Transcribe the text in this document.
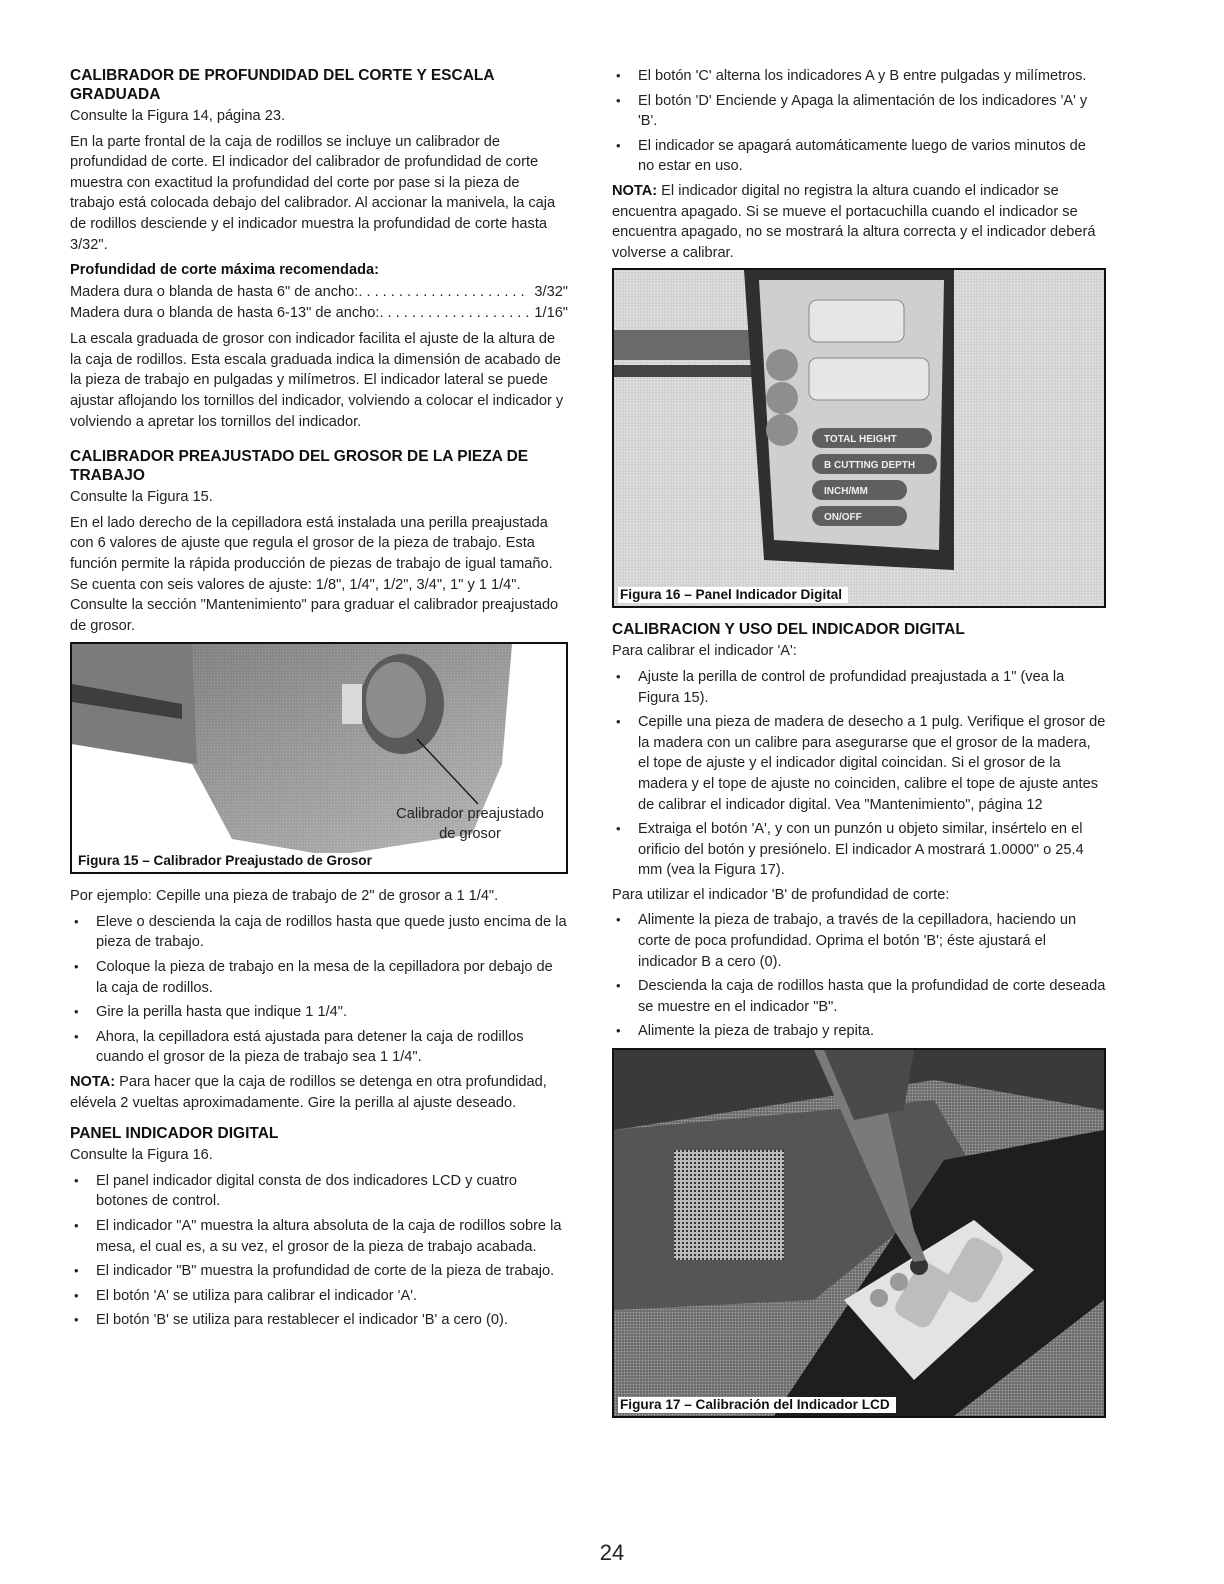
CALIBRADOR DE PROFUNDIDAD DEL CORTE Y ESCALA GRADUADA

Consulte la Figura 14, página 23.

En la parte frontal de la caja de rodillos se incluye un calibrador de profundidad de corte. El indicador del calibrador de profundidad de corte muestra con exactitud la profundidad del corte por pase si la pieza de trabajo está colocada debajo del calibrador. Al accionar la manivela, la caja de rodillos desciende y el indicador muestra la profundidad de corte hasta 3/32".

Profundidad de corte máxima recomendada:
Madera dura o blanda de hasta 6" de ancho: . . .	3/32"
Madera dura o blanda de hasta 6-13" de ancho: . . .	1/16"

La escala graduada de grosor con indicador facilita el ajuste de la altura de la caja de rodillos. Esta escala graduada indica la dimensión de acabado de la pieza de trabajo en pulgadas y milímetros. El indicador lateral se puede ajustar aflojando los tornillos del indicador, volviendo a colocar el indicador y volviendo a apretar los tornillos del indicador.

CALIBRADOR PREAJUSTADO DEL GROSOR DE LA PIEZA DE TRABAJO

Consulte la Figura 15.

En el lado derecho de la cepilladora está instalada una perilla preajustada con 6 valores de ajuste que regula el grosor de la pieza de trabajo. Esta función permite la rápida producción de piezas de trabajo de igual tamaño. Se cuenta con seis valores de ajuste: 1/8", 1/4", 1/2", 3/4", 1" y 1 1/4". Consulte la sección "Mantenimiento" para graduar el calibrador preajustado de grosor.

Calibrador preajustado
de grosor
Figura 15 – Calibrador Preajustado de Grosor

Por ejemplo: Cepille una pieza de trabajo de 2" de grosor a 1 1/4".

• Eleve o descienda la caja de rodillos hasta que quede justo encima de la pieza de trabajo.
• Coloque la pieza de trabajo en la mesa de la cepilladora por debajo de la caja de rodillos.
• Gire la perilla hasta que indique 1 1/4".
• Ahora, la cepilladora está ajustada para detener la caja de rodillos cuando el grosor de la pieza de trabajo sea 1 1/4".

NOTA: Para hacer que la caja de rodillos se detenga en otra profundidad, elévela 2 vueltas aproximadamente. Gire la perilla al ajuste deseado.

PANEL INDICADOR DIGITAL

Consulte la Figura 16.

• El panel indicador digital consta de dos indicadores LCD y cuatro botones de control.
• El indicador "A" muestra la altura absoluta de la caja de rodillos sobre la mesa, el cual es, a su vez, el grosor de la pieza de trabajo acabada.
• El indicador "B" muestra la profundidad de corte de la pieza de trabajo.
• El botón 'A' se utiliza para calibrar el indicador 'A'.
• El botón 'B' se utiliza para restablecer el indicador 'B' a cero (0).
• El botón 'C' alterna los indicadores A y B entre pulgadas y milímetros.
• El botón 'D' Enciende y Apaga la alimentación de los indicadores 'A' y 'B'.
• El indicador se apagará automáticamente luego de varios minutos de no estar en uso.

NOTA: El indicador digital no registra la altura cuando el indicador se encuentra apagado. Si se mueve el portacuchilla cuando el indicador se encuentra apagado, no se mostrará la altura correcta y el indicador deberá volverse a calibrar.

TOTAL HEIGHT
B CUTTING DEPTH
INCH/MM
ON/OFF
Figura 16 – Panel Indicador Digital
CALIBRACION Y USO DEL INDICADOR DIGITAL

Para calibrar el indicador 'A':

• Ajuste la perilla de control de profundidad preajustada a 1" (vea la Figura 15).
• Cepille una pieza de madera de desecho a 1 pulg. Verifique el grosor de la madera con un calibre para asegurarse que el grosor de la madera, el tope de ajuste y el indicador digital coincidan. Si el grosor de la madera y el tope de ajuste no coinciden, calibre el tope de ajuste antes de calibrar el indicador digital. Vea "Mantenimiento", página 12
• Extraiga el botón 'A', y con un punzón u objeto similar, insértelo en el orificio del botón y presiónelo. El indicador A mostrará 1.0000" o 25.4 mm (vea la Figura 17).

Para utilizar el indicador 'B' de profundidad de corte:

• Alimente la pieza de trabajo, a través de la cepilladora, haciendo un corte de poca profundidad. Oprima el botón 'B'; éste ajustará el indicador B a cero (0).
• Descienda la caja de rodillos hasta que la profundidad de corte deseada se muestre en el indicador "B".
• Alimente la pieza de trabajo y repita.
Figura 17 – Calibración del Indicador LCD
24
